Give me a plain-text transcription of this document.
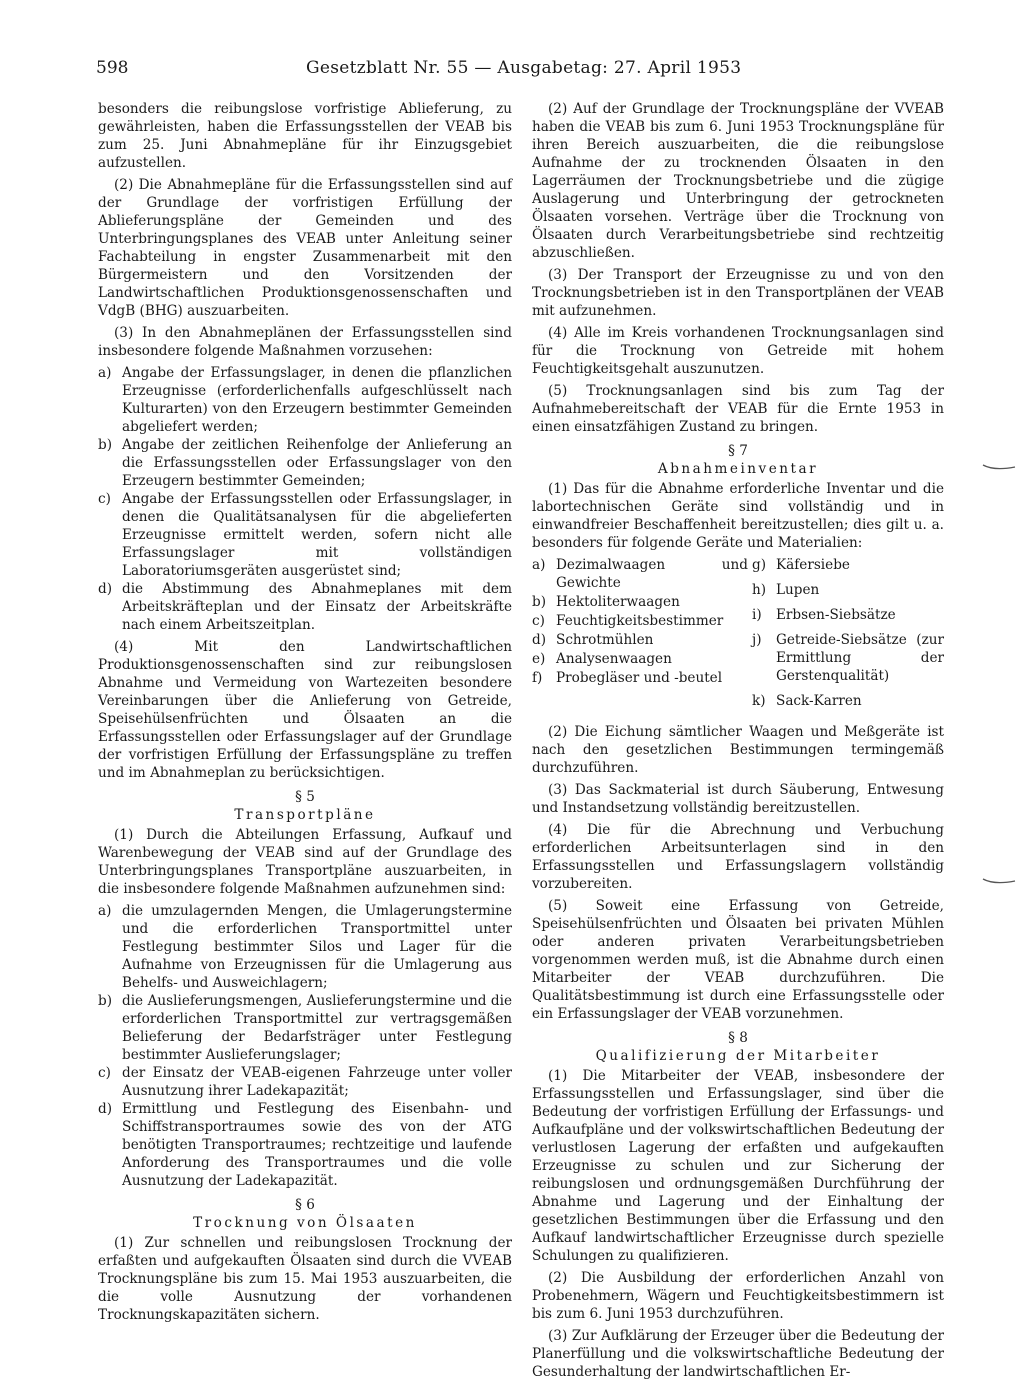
598	Gesetzblatt Nr. 55 — Ausgabetag: 27. April 1953

besonders die reibungslose vorfristige Ablieferung, zu gewährleisten, haben die Erfassungsstellen der VEAB bis zum 25. Juni Abnahmepläne für ihr Einzugsgebiet aufzustellen.

(2) Die Abnahmepläne für die Erfassungsstellen sind auf der Grundlage der vorfristigen Erfüllung der Ablieferungspläne der Gemeinden und des Unterbringungsplanes des VEAB unter Anleitung seiner Fachabteilung in engster Zusammenarbeit mit den Bürgermeistern und den Vorsitzenden der Landwirtschaftlichen Produktionsgenossenschaften und VdgB (BHG) auszuarbeiten.

(3) In den Abnahmeplänen der Erfassungsstellen sind insbesondere folgende Maßnahmen vorzusehen:

a) Angabe der Erfassungslager, in denen die pflanzlichen Erzeugnisse (erforderlichenfalls aufgeschlüsselt nach Kulturarten) von den Erzeugern bestimmter Gemeinden abgeliefert werden;
b) Angabe der zeitlichen Reihenfolge der Anlieferung an die Erfassungsstellen oder Erfassungslager von den Erzeugern bestimmter Gemeinden;
c) Angabe der Erfassungsstellen oder Erfassungslager, in denen die Qualitätsanalysen für die abgelieferten Erzeugnisse ermittelt werden, sofern nicht alle Erfassungslager mit vollständigen Laboratoriumsgeräten ausgerüstet sind;
d) die Abstimmung des Abnahmeplanes mit dem Arbeitskräfteplan und der Einsatz der Arbeitskräfte nach einem Arbeitszeitplan.

(4) Mit den Landwirtschaftlichen Produktionsgenossenschaften sind zur reibungslosen Abnahme und Vermeidung von Wartezeiten besondere Vereinbarungen über die Anlieferung von Getreide, Speisehülsenfrüchten und Ölsaaten an die Erfassungsstellen oder Erfassungslager auf der Grundlage der vorfristigen Erfüllung der Erfassungspläne zu treffen und im Abnahmeplan zu berücksichtigen.

§ 5
Transportpläne

(1) Durch die Abteilungen Erfassung, Aufkauf und Warenbewegung der VEAB sind auf der Grundlage des Unterbringungsplanes Transportpläne auszuarbeiten, in die insbesondere folgende Maßnahmen aufzunehmen sind:

a) die umzulagernden Mengen, die Umlagerungstermine und die erforderlichen Transportmittel unter Festlegung bestimmter Silos und Lager für die Aufnahme von Erzeugnissen für die Umlagerung aus Behelfs- und Ausweichlagern;
b) die Auslieferungsmengen, Auslieferungstermine und die erforderlichen Transportmittel zur vertragsgemäßen Belieferung der Bedarfsträger unter Festlegung bestimmter Auslieferungslager;
c) der Einsatz der VEAB-eigenen Fahrzeuge unter voller Ausnutzung ihrer Ladekapazität;
d) Ermittlung und Festlegung des Eisenbahn- und Schiffstransportraumes sowie des von der ATG benötigten Transportraumes; rechtzeitige und laufende Anforderung des Transportraumes und die volle Ausnutzung der Ladekapazität.
§ 6
Trocknung von Ölsaaten

(1) Zur schnellen und reibungslosen Trocknung der erfaßten und aufgekauften Ölsaaten sind durch die VVEAB Trocknungspläne bis zum 15. Mai 1953 auszuarbeiten, die die volle Ausnutzung der vorhandenen Trocknungskapazitäten sichern.

(2) Auf der Grundlage der Trocknungspläne der VVEAB haben die VEAB bis zum 6. Juni 1953 Trocknungspläne für ihren Bereich auszuarbeiten, die die reibungslose Aufnahme der zu trocknenden Ölsaaten in den Lagerräumen der Trocknungsbetriebe und die zügige Auslagerung und Unterbringung der getrockneten Ölsaaten vorsehen. Verträge über die Trocknung von Ölsaaten durch Verarbeitungsbetriebe sind rechtzeitig abzuschließen.

(3) Der Transport der Erzeugnisse zu und von den Trocknungsbetrieben ist in den Transportplänen der VEAB mit aufzunehmen.

(4) Alle im Kreis vorhandenen Trocknungsanlagen sind für die Trocknung von Getreide mit hohem Feuchtigkeitsgehalt auszunutzen.

(5) Trocknungsanlagen sind bis zum Tag der Aufnahmebereitschaft der VEAB für die Ernte 1953 in einen einsatzfähigen Zustand zu bringen.

§ 7
Abnahmeinventar

(1) Das für die Abnahme erforderliche Inventar und die labortechnischen Geräte sind vollständig und in einwandfreier Beschaffenheit bereitzustellen; dies gilt u. a. besonders für folgende Geräte und Materialien:

a) Dezimalwaagen und Gewichte
b) Hektoliterwaagen
c) Feuchtigkeitsbestimmer
d) Schrotmühlen
e) Analysenwaagen
f)	Probegläser und -beutel
g) Käfersiebe
h) Lupen
i)	Erbsen-Siebsätze
j)	Getreide-Siebsätze (zur Ermittlung der Gerstenqualität)
k) Sack-Karren

(2) Die Eichung sämtlicher Waagen und Meßgeräte ist nach den gesetzlichen Bestimmungen termingemäß durchzuführen.

(3) Das Sackmaterial ist durch Säuberung, Entwesung und Instandsetzung vollständig bereitzustellen.

(4) Die für die Abrechnung und Verbuchung erforderlichen Arbeitsunterlagen sind in den Erfassungsstellen und Erfassungslagern vollständig vorzubereiten.

(5) Soweit eine Erfassung von Getreide, Speisehülsenfrüchten und Ölsaaten bei privaten Mühlen oder anderen privaten Verarbeitungsbetrieben vorgenommen werden muß, ist die Abnahme durch einen Mitarbeiter der VEAB durchzuführen. Die Qualitätsbestimmung ist durch eine Erfassungsstelle oder ein Erfassungslager der VEAB vorzunehmen.

§ 8
Qualifizierung der Mitarbeiter

(1) Die Mitarbeiter der VEAB, insbesondere der Erfassungsstellen und Erfassungslager, sind über die Bedeutung der vorfristigen Erfüllung der Erfassungs- und Aufkaufpläne und der volkswirtschaftlichen Bedeutung der verlustlosen Lagerung der erfaßten und aufgekauften Erzeugnisse zu schulen und zur Sicherung der reibungslosen und ordnungsgemäßen Durchführung der Abnahme und Lagerung und der Einhaltung der gesetzlichen Bestimmungen über die Erfassung und den Aufkauf landwirtschaftlicher Erzeugnisse durch spezielle Schulungen zu qualifizieren.

(2) Die Ausbildung der erforderlichen Anzahl von Probenehmern, Wägern und Feuchtigkeitsbestimmern ist bis zum 6. Juni 1953 durchzuführen.

(3) Zur Aufklärung der Erzeuger über die Bedeutung der Planerfüllung und die volkswirtschaftliche Bedeutung der Gesunderhaltung der landwirtschaftlichen Er-
